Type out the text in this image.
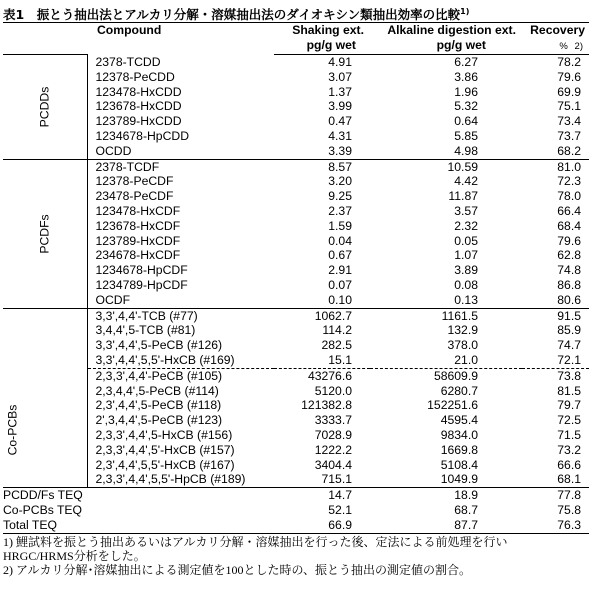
表1　振とう抽出法とアルカリ分解・溶媒抽出法のダイオキシン類抽出効率の比較$^{1)}$
	Compound	Shaking ext.	Alkaline digestion ext.	Recovery
		pg/g wet	pg/g wet	% 2)

PCDDs	2378-TCDD	4.91	6.27	78.2
	12378-PeCDD	3.07	3.86	79.6
	123478-HxCDD	1.37	1.96	69.9
	123678-HxCDD	3.99	5.32	75.1
	123789-HxCDD	0.47	0.64	73.4
	1234678-HpCDD	4.31	5.85	73.7
	OCDD	3.39	4.98	68.2

PCDFs	2378-TCDF	8.57	10.59	81.0
	12378-PeCDF	3.20	4.42	72.3
	23478-PeCDF	9.25	11.87	78.0
	123478-HxCDF	2.37	3.57	66.4
	123678-HxCDF	1.59	2.32	68.4
	123789-HxCDF	0.04	0.05	79.6
	234678-HxCDF	0.67	1.07	62.8
	1234678-HpCDF	2.91	3.89	74.8
	1234789-HpCDF	0.07	0.08	86.8
	OCDF	0.10	0.13	80.6

Co-PCBs	3,3',4,4'-TCB (#77)	1062.7	1161.5	91.5
	3,4,4',5-TCB (#81)	114.2	132.9	85.9
	3,3',4,4',5-PeCB (#126)	282.5	378.0	74.7
	3,3',4,4',5,5'-HxCB (#169)	15.1	21.0	72.1
	2,3,3',4,4'-PeCB (#105)	43276.6	58609.9	73.8
	2,3,4,4',5-PeCB (#114)	5120.0	6280.7	81.5
	2,3',4,4',5-PeCB (#118)	121382.8	152251.6	79.7
	2',3,4,4',5-PeCB (#123)	3333.7	4595.4	72.5
	2,3,3',4,4',5-HxCB (#156)	7028.9	9834.0	71.5
	2,3,3',4,4',5'-HxCB (#157)	1222.2	1669.8	73.2
	2,3',4,4',5,5'-HxCB (#167)	3404.4	5108.4	66.6
	2,3,3',4,4',5,5'-HpCB (#189)	715.1	1049.9	68.1
PCDD/Fs TEQ		14.7	18.9	77.8
Co-PCBs TEQ		52.1	68.7	75.8
Total TEQ		66.9	87.7	76.3
1) 鯉試料を振とう抽出あるいはアルカリ分解・溶媒抽出を行った後、定法による前処理を行い
HRGC/HRMS分析をした。
2) アルカリ分解･溶媒抽出による測定値を100とした時の、振とう抽出の測定値の割合。
